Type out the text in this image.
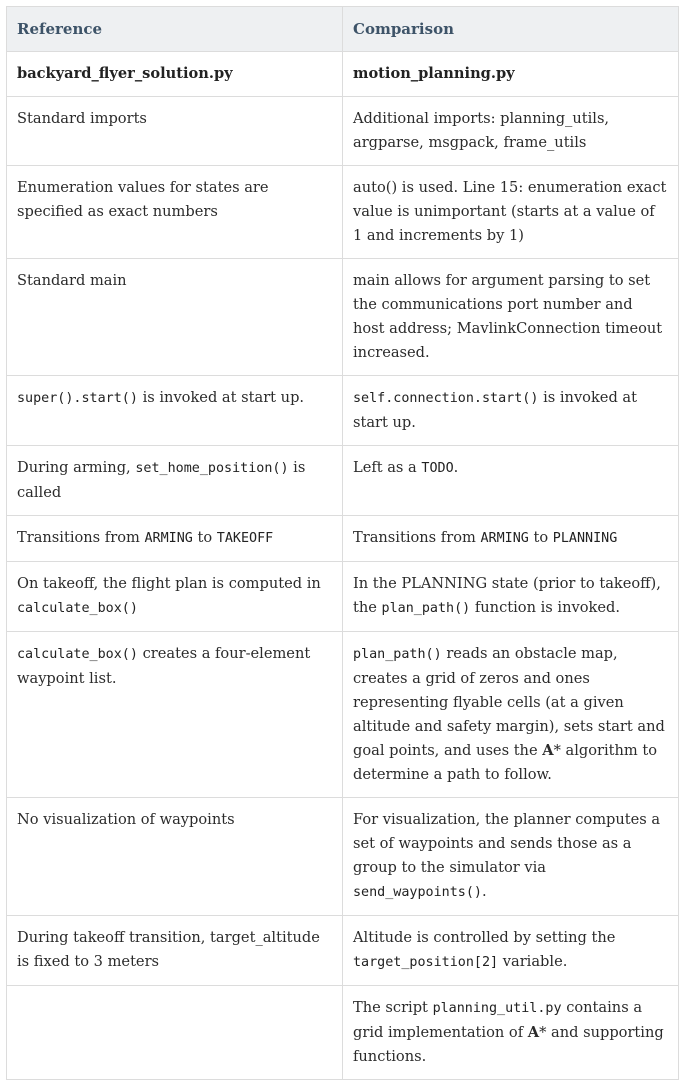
Reference	Comparison
backyard_flyer_solution.py	motion_planning.py
Standard imports	Additional imports: planning_utils, argparse, msgpack, frame_utils
Enumeration values for states are specified as exact numbers	auto() is used. Line 15: enumeration exact value is unimportant (starts at a value of 1 and increments by 1)
Standard main	main allows for argument parsing to set the communications port number and host address; MavlinkConnection timeout increased.
super().start() is invoked at start up.	self.connection.start() is invoked at start up.
During arming, set_home_position() is called	Left as a TODO.
Transitions from ARMING to TAKEOFF	Transitions from ARMING to PLANNING
On takeoff, the flight plan is computed in calculate_box()	In the PLANNING state (prior to takeoff), the plan_path() function is invoked.
calculate_box() creates a four-element waypoint list.	plan_path() reads an obstacle map, creates a grid of zeros and ones representing flyable cells (at a given altitude and safety margin), sets start and goal points, and uses the A* algorithm to determine a path to follow.
No visualization of waypoints	For visualization, the planner computes a set of waypoints and sends those as a group to the simulator via send_waypoints().
During takeoff transition, target_altitude is fixed to 3 meters	Altitude is controlled by setting the target_position[2] variable.
	The script planning_util.py contains a grid implementation of A* and supporting functions.
